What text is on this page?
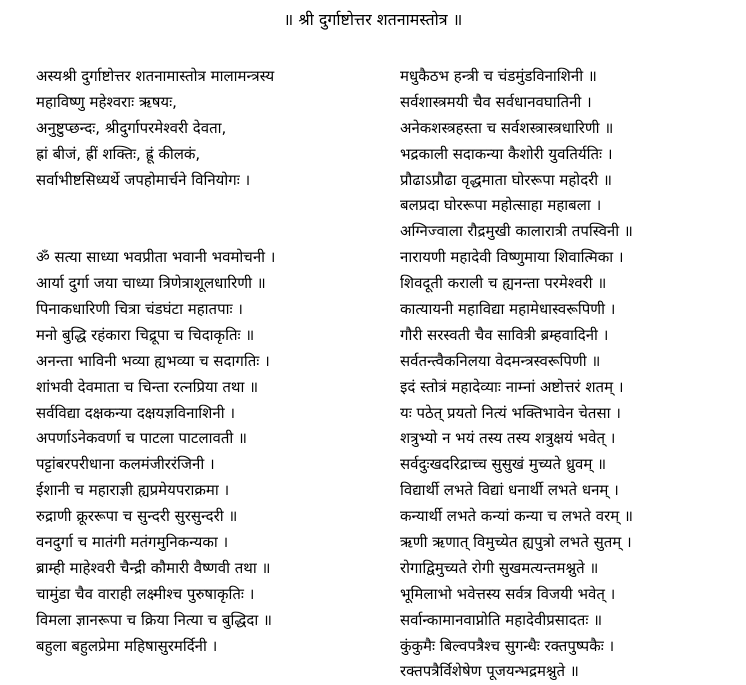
॥ श्री दुर्गाष्टोत्तर शतनामस्तोत्र ॥
अस्यश्री दुर्गाष्टोत्तर शतनामास्तोत्र मालामन्त्रस्य
महाविष्णु महेश्वराः ऋषयः,
अनुष्टुप्छन्दः, श्रीदुर्गापरमेश्वरी देवता,
ह्रां बीजं, ह्रीं शक्तिः, ह्रूं कीलकं,
सर्वाभीष्टसिध्यर्थे जपहोमार्चने विनियोगः ।
ॐ सत्या साध्या भवप्रीता भवानी भवमोचनी ।
आर्या दुर्गा जया चाध्या त्रिणेत्राशूलधारिणी ॥
पिनाकधारिणी चित्रा चंडघंटा महातपाः ।
मनो बुद्धि रहंकारा चिद्रूपा च चिदाकृतिः ॥
अनन्ता भाविनी भव्या ह्यभव्या च सदागतिः ।
शांभवी देवमाता च चिन्ता रत्नप्रिया तथा ॥
सर्वविद्या दक्षकन्या दक्षयज्ञविनाशिनी ।
अपर्णाऽनेकवर्णा च पाटला पाटलावती ॥
पट्टांबरपरीधाना कलमंजीररंजिनी ।
ईशानी च महाराज्ञी ह्यप्रमेयपराक्रमा ।
रुद्राणी क्रूररूपा च सुन्दरी सुरसुन्दरी ॥
वनदुर्गा च मातंगी मतंगमुनिकन्यका ।
ब्राम्ही माहेश्वरी चैन्द्री कौमारी वैष्णवी तथा ॥
चामुंडा चैव वाराही लक्ष्मीश्च पुरुषाकृतिः ।
विमला ज्ञानरूपा च क्रिया नित्या च बुद्धिदा ॥
बहुला बहुलप्रेमा महिषासुरमर्दिनी ।
मधुकैठभ हन्त्री च चंडमुंडविनाशिनी ॥
सर्वशास्त्रमयी चैव सर्वधानवघातिनी ।
अनेकशस्त्रहस्ता च सर्वशस्त्रास्त्रधारिणी ॥
भद्रकाली सदाकन्या कैशोरी युवतिर्यतिः ।
प्रौढाऽप्रौढा वृद्धमाता घोररूपा महोदरी ॥
बलप्रदा घोररूपा महोत्साहा महाबला ।
अग्निज्वाला रौद्रमुखी कालारात्री तपस्विनी ॥
नारायणी महादेवी विष्णुमाया शिवात्मिका ।
शिवदूती कराली च ह्यनन्ता परमेश्वरी ॥
कात्यायनी महाविद्या महामेधास्वरूपिणी ।
गौरी सरस्वती चैव सावित्री ब्रम्हवादिनी ।
सर्वतन्त्वैकनिलया वेदमन्त्रस्वरूपिणी ॥
इदं स्तोत्रं महादेव्याः नाम्नां अष्टोत्तरं शतम् ।
यः पठेत् प्रयतो नित्यं भक्तिभावेन चेतसा ।
शत्रुभ्यो न भयं तस्य तस्य शत्रुक्षयं भवेत् ।
सर्वदुःखदरिद्राच्च सुसुखं मुच्यते ध्रुवम् ॥
विद्यार्थी लभते विद्यां धनार्थी लभते धनम् ।
कन्यार्थी लभते कन्यां कन्या च लभते वरम् ॥
ऋणी ऋणात् विमुच्येत ह्यपुत्रो लभते सुतम् ।
रोगाद्विमुच्यते रोगी सुखमत्यन्तमश्नुते ॥
भूमिलाभो भवेत्तस्य सर्वत्र विजयी भवेत् ।
सर्वान्कामानवाप्नोति महादेवीप्रसादतः ॥
कुंकुमैः बिल्वपत्रैश्च सुगन्धैः रक्तपुष्पकैः ।
रक्तपत्रैर्विशेषेण पूजयन्भद्रमश्नुते ॥
